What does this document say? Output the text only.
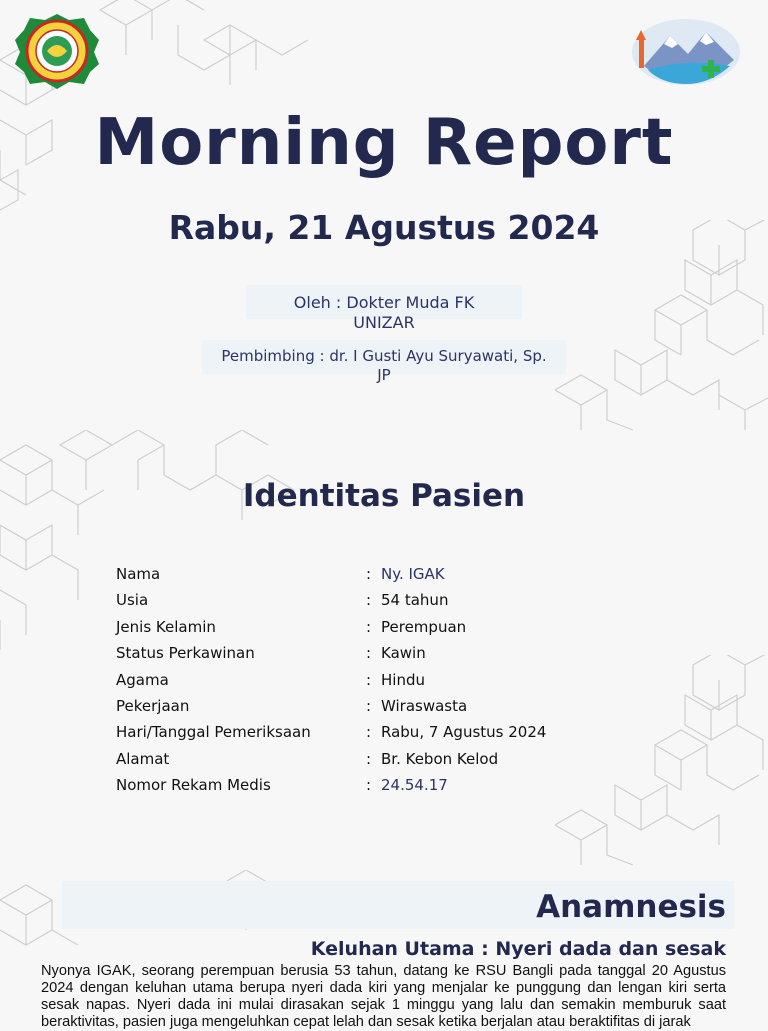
Morning Report
Rabu, 21 Agustus 2024
Oleh : Dokter Muda FK
UNIZAR
Pembimbing : dr. I Gusti Ayu Suryawati, Sp.
JP
Identitas Pasien
Nama	: Ny. IGAK
Usia	: 54 tahun
Jenis Kelamin	: Perempuan
Status Perkawinan	: Kawin
Agama	: Hindu
Pekerjaan	: Wiraswasta
Hari/Tanggal Pemeriksaan	: Rabu, 7 Agustus 2024
Alamat	: Br. Kebon Kelod
Nomor Rekam Medis	: 24.54.17
Anamnesis
Keluhan Utama : Nyeri dada dan sesak
Nyonya IGAK, seorang perempuan berusia 53 tahun, datang ke RSU Bangli pada tanggal 20 Agustus 2024 dengan keluhan utama berupa nyeri dada kiri yang menjalar ke punggung dan lengan kiri serta sesak napas. Nyeri dada ini mulai dirasakan sejak 1 minggu yang lalu dan semakin memburuk saat beraktivitas, pasien juga mengeluhkan cepat lelah dan sesak ketika berjalan atau beraktifitas di jarak
